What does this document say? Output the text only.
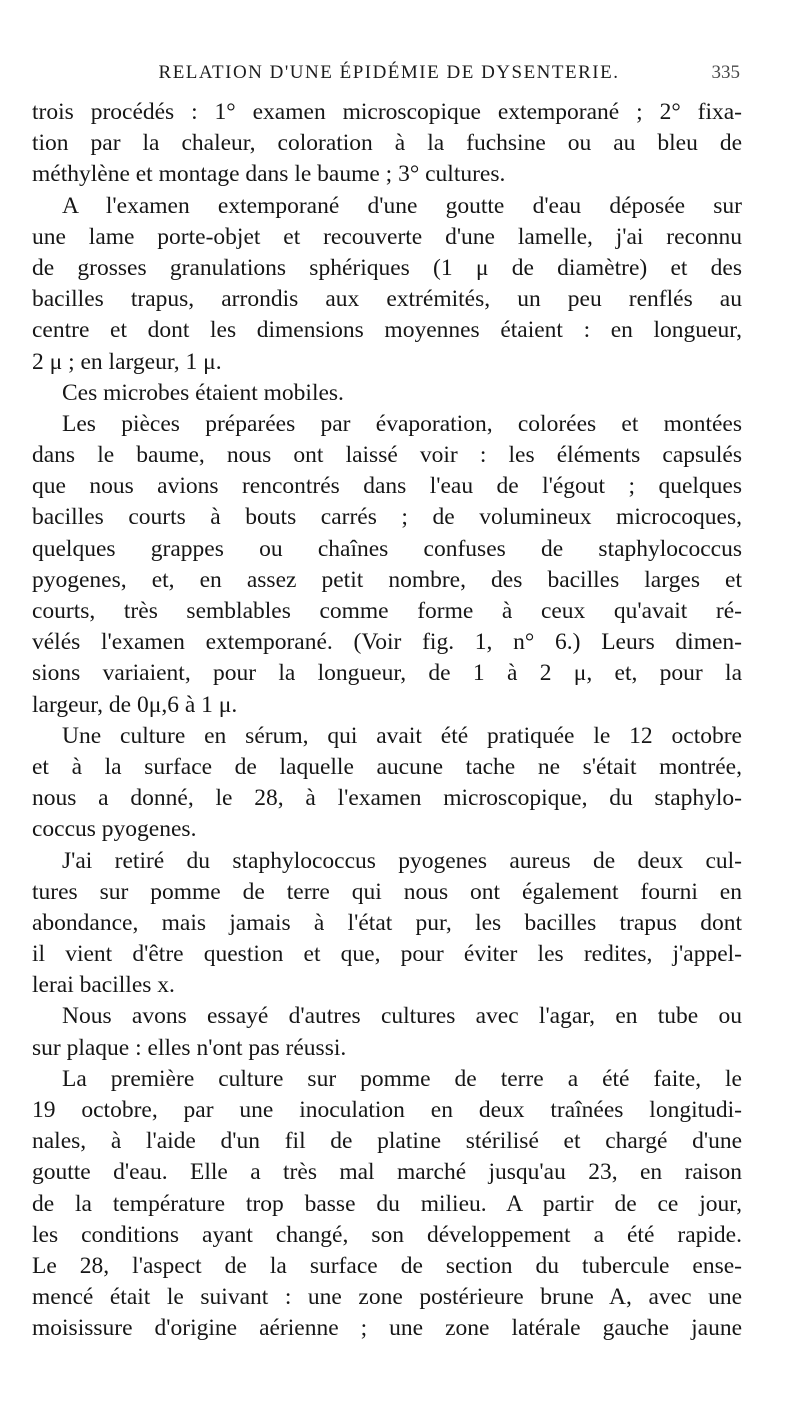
RELATION D'UNE ÉPIDÉMIE DE DYSENTERIE.	335
trois procédés : 1° examen microscopique extemporané ; 2° fixa-
tion par la chaleur, coloration à la fuchsine ou au bleu de
méthylène et montage dans le baume ; 3° cultures.
A l'examen extemporané d'une goutte d'eau déposée sur
une lame porte-objet et recouverte d'une lamelle, j'ai reconnu
de grosses granulations sphériques (1 μ de diamètre) et des
bacilles trapus, arrondis aux extrémités, un peu renflés au
centre et dont les dimensions moyennes étaient : en longueur,
2 μ ; en largeur, 1 μ.
Ces microbes étaient mobiles.
Les pièces préparées par évaporation, colorées et montées
dans le baume, nous ont laissé voir : les éléments capsulés
que nous avions rencontrés dans l'eau de l'égout ; quelques
bacilles courts à bouts carrés ; de volumineux microcoques,
quelques grappes ou chaînes confuses de staphylococcus
pyogenes, et, en assez petit nombre, des bacilles larges et
courts, très semblables comme forme à ceux qu'avait ré-
vélés l'examen extemporané. (Voir fig. 1, n° 6.) Leurs dimen-
sions variaient, pour la longueur, de 1 à 2 μ, et, pour la
largeur, de 0μ,6 à 1 μ.
Une culture en sérum, qui avait été pratiquée le 12 octobre
et à la surface de laquelle aucune tache ne s'était montrée,
nous a donné, le 28, à l'examen microscopique, du staphylo-
coccus pyogenes.
J'ai retiré du staphylococcus pyogenes aureus de deux cul-
tures sur pomme de terre qui nous ont également fourni en
abondance, mais jamais à l'état pur, les bacilles trapus dont
il vient d'être question et que, pour éviter les redites, j'appel-
lerai bacilles x.
Nous avons essayé d'autres cultures avec l'agar, en tube ou
sur plaque : elles n'ont pas réussi.
La première culture sur pomme de terre a été faite, le
19 octobre, par une inoculation en deux traînées longitudi-
nales, à l'aide d'un fil de platine stérilisé et chargé d'une
goutte d'eau. Elle a très mal marché jusqu'au 23, en raison
de la température trop basse du milieu. A partir de ce jour,
les conditions ayant changé, son développement a été rapide.
Le 28, l'aspect de la surface de section du tubercule ense-
mencé était le suivant : une zone postérieure brune A, avec une
moisissure d'origine aérienne ; une zone latérale gauche jaune
